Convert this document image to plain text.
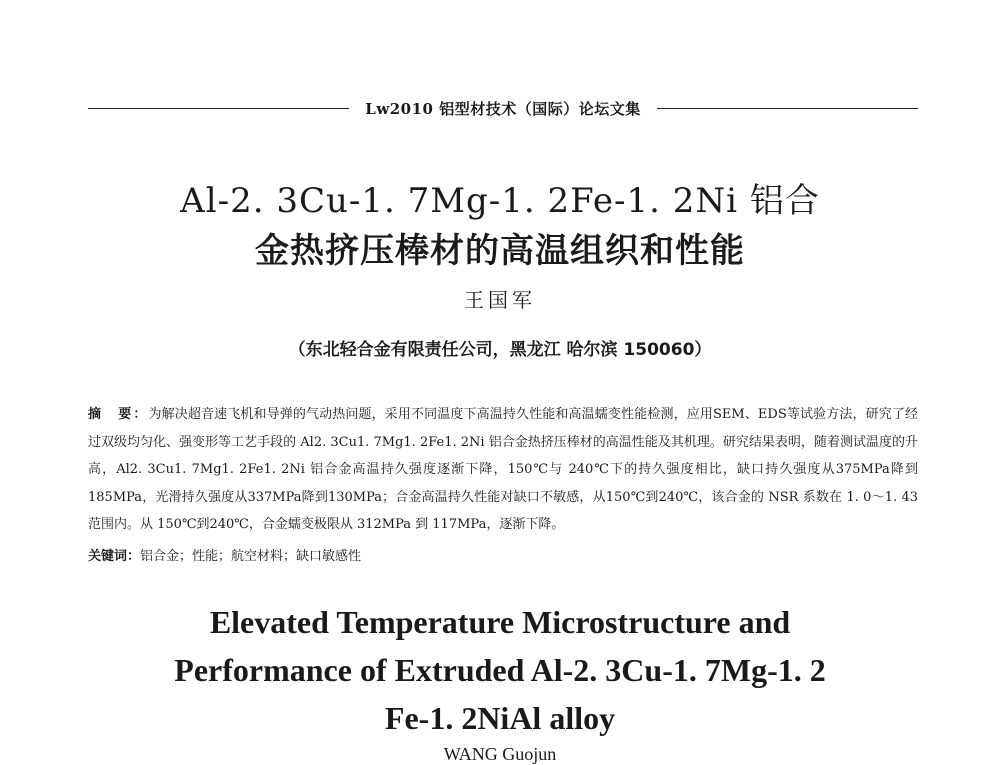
Lw2010 铝型材技术（国际）论坛文集
Al-2. 3Cu-1. 7Mg-1. 2Fe-1. 2Ni 铝合
金热挤压棒材的高温组织和性能
王国军
（东北轻合金有限责任公司，黑龙江 哈尔滨 150060）
摘　要：为解决超音速飞机和导弹的气动热问题，采用不同温度下高温持久性能和高温蠕变性能检测，应用SEM、EDS等试验方法，研究了经过双级均匀化、强变形等工艺手段的 Al2. 3Cu1. 7Mg1. 2Fe1. 2Ni 铝合金热挤压棒材的高温性能及其机理。研究结果表明，随着测试温度的升高，Al2. 3Cu1. 7Mg1. 2Fe1. 2Ni 铝合金高温持久强度逐渐下降，150℃与 240℃下的持久强度相比，缺口持久强度从375MPa降到185MPa，光滑持久强度从337MPa降到130MPa；合金高温持久性能对缺口不敏感，从150℃到240℃，该合金的 NSR 系数在 1. 0～1. 43 范围内。从 150℃到240℃，合金蠕变极限从 312MPa 到 117MPa，逐渐下降。
关键词：铝合金；性能；航空材料；缺口敏感性
Elevated Temperature Microstructure and
Performance of Extruded Al-2. 3Cu-1. 7Mg-1. 2
Fe-1. 2NiAl alloy
WANG Guojun
